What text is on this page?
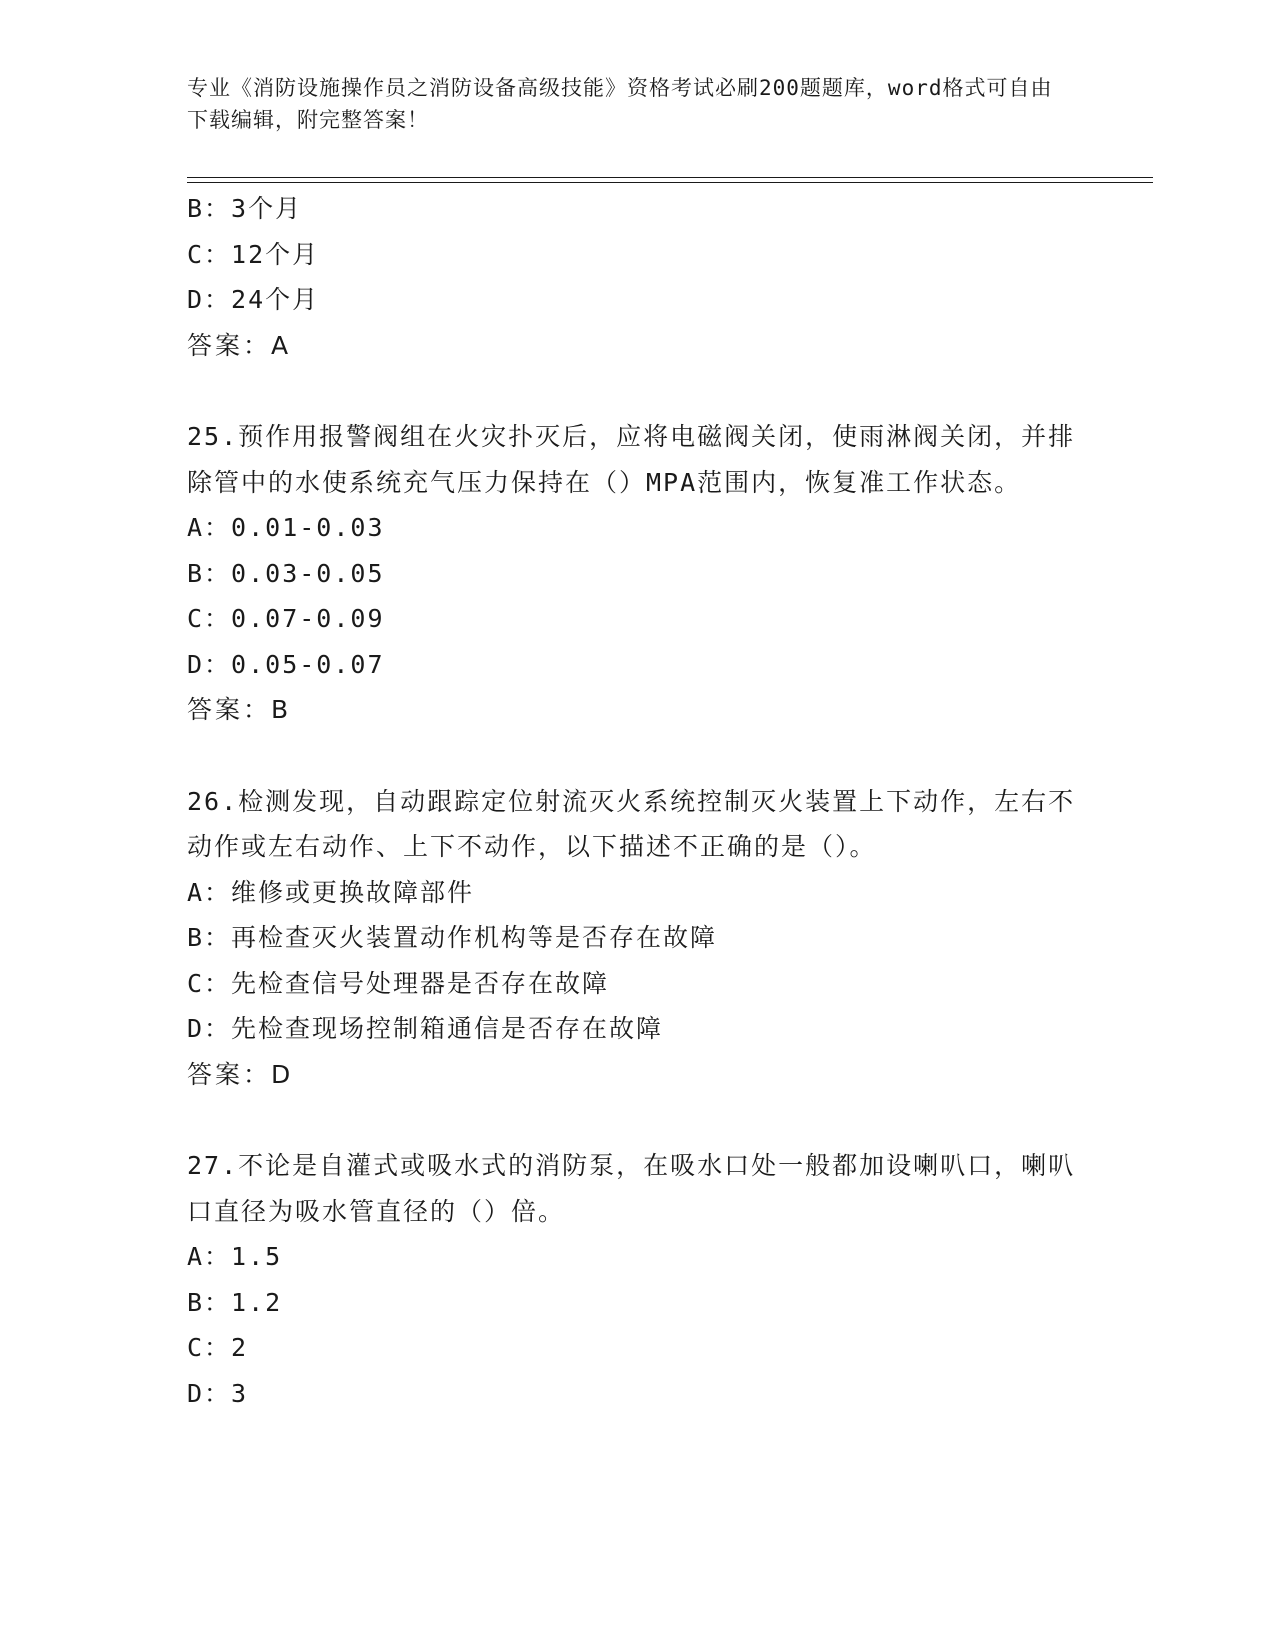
专业《消防设施操作员之消防设备高级技能》资格考试必刷200题题库，word格式可自由下载编辑，附完整答案！
B：3个月
C：12个月
D：24个月
答案：A
25.预作用报警阀组在火灾扑灭后，应将电磁阀关闭，使雨淋阀关闭，并排除管中的水使系统充气压力保持在（）MPA范围内，恢复准工作状态。
A：0.01-0.03
B：0.03-0.05
C：0.07-0.09
D：0.05-0.07
答案：B
26.检测发现，自动跟踪定位射流灭火系统控制灭火装置上下动作，左右不动作或左右动作、上下不动作，以下描述不正确的是（）。
A：维修或更换故障部件
B：再检查灭火装置动作机构等是否存在故障
C：先检查信号处理器是否存在故障
D：先检查现场控制箱通信是否存在故障
答案：D
27.不论是自灌式或吸水式的消防泵，在吸水口处一般都加设喇叭口，喇叭口直径为吸水管直径的（）倍。
A：1.5
B：1.2
C：2
D：3
